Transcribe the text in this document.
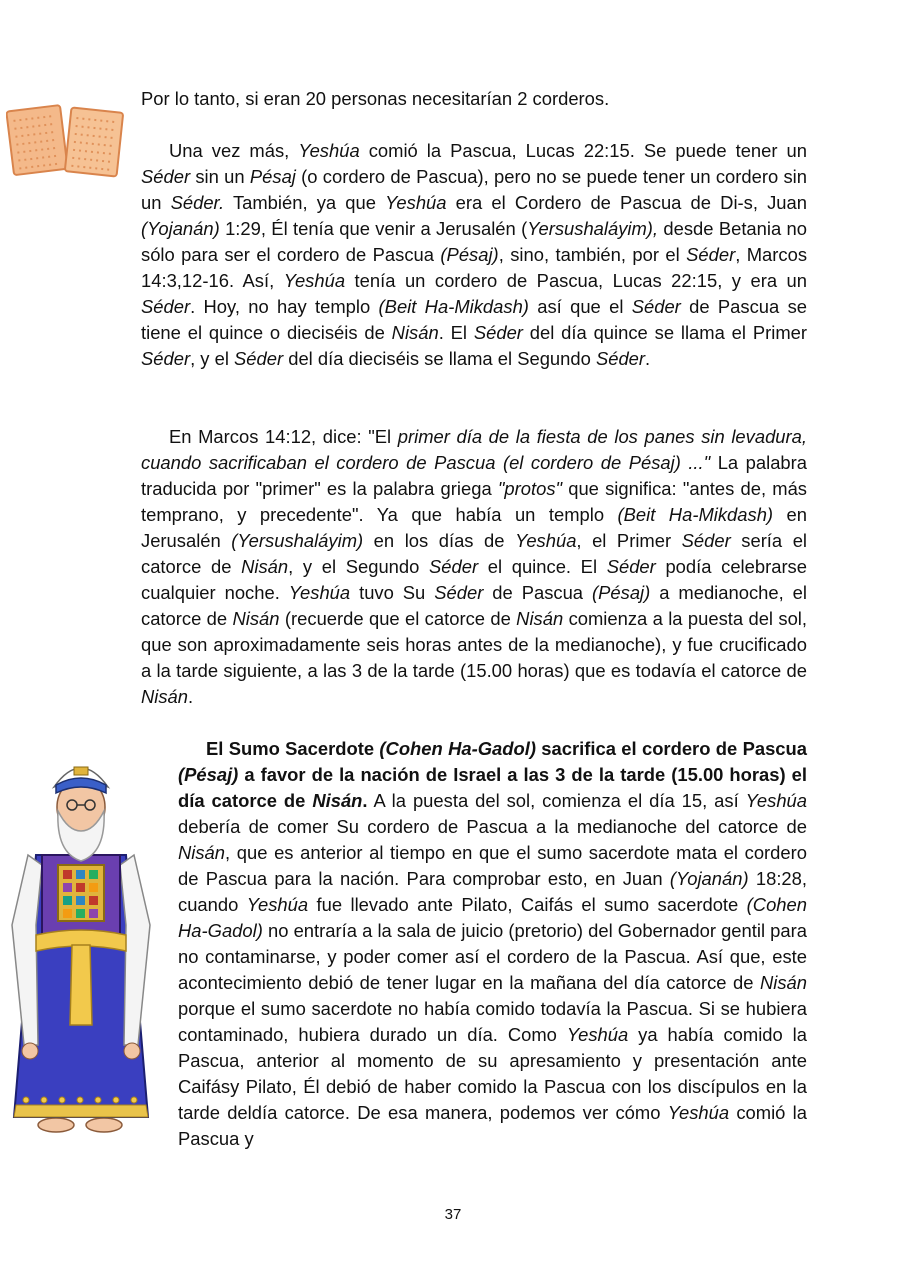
Por lo tanto, si eran 20 personas necesitarían 2 corderos.

Una vez más, Yeshúa comió la Pascua, Lucas 22:15. Se puede tener un Séder sin un Pésaj (o cordero de Pascua), pero no se puede tener un cordero sin un Séder. También, ya que Yeshúa era el Cordero de Pascua de Di-s, Juan (Yojanán) 1:29, Él tenía que venir a Jerusalén (Yersushaláyim), desde Betania no sólo para ser el cordero de Pascua (Pésaj), sino, también, por el Séder, Marcos 14:3,12-16. Así, Yeshúa tenía un cordero de Pascua, Lucas 22:15, y era un Séder. Hoy, no hay templo (Beit Ha-Mikdash) así que el Séder de Pascua se tiene el quince o dieciséis de Nisán. El Séder del día quince se llama el Primer Séder, y el Séder del día dieciséis se llama el Segundo Séder.

En Marcos 14:12, dice: "El primer día de la fiesta de los panes sin levadura, cuando sacrificaban el cordero de Pascua (el cordero de Pésaj) ..." La palabra traducida por "primer" es la palabra griega "protos" que significa: "antes de, más temprano, y precedente". Ya que había un templo (Beit Ha-Mikdash) en Jerusalén (Yersushaláyim) en los días de Yeshúa, el Primer Séder sería el catorce de Nisán, y el Segundo Séder el quince. El Séder podía celebrarse cualquier noche. Yeshúa tuvo Su Séder de Pascua (Pésaj) a medianoche, el catorce de Nisán (recuerde que el catorce de Nisán comienza a la puesta del sol, que son aproximadamente seis horas antes de la medianoche), y fue crucificado a la tarde siguiente, a las 3 de la tarde (15.00 horas) que es todavía el catorce de Nisán.

El Sumo Sacerdote (Cohen Ha-Gadol) sacrifica el cordero de Pascua (Pésaj) a favor de la nación de Israel a las 3 de la tarde (15.00 horas) el día catorce de Nisán. A la puesta del sol, comienza el día 15, así Yeshúa debería de comer Su cordero de Pascua a la medianoche del catorce de Nisán, que es anterior al tiempo en que el sumo sacerdote mata el cordero de Pascua para la nación. Para comprobar esto, en Juan (Yojanán) 18:28, cuando Yeshúa fue llevado ante Pilato, Caifás el sumo sacerdote (Cohen Ha-Gadol) no entraría a la sala de juicio (pretorio) del Gobernador gentil para no contaminarse, y poder comer así el cordero de la Pascua. Así que, este acontecimiento debió de tener lugar en la mañana del día catorce de Nisán porque el sumo sacerdote no había comido todavía la Pascua. Si se hubiera contaminado, hubiera durado un día. Como Yeshúa ya había comido la Pascua, anterior al momento de su apresamiento y presentación ante Caifásy Pilato, Él debió de haber comido la Pascua con los discípulos en la tarde deldía catorce. De esa manera, podemos ver cómo Yeshúa comió la Pascua y

37
